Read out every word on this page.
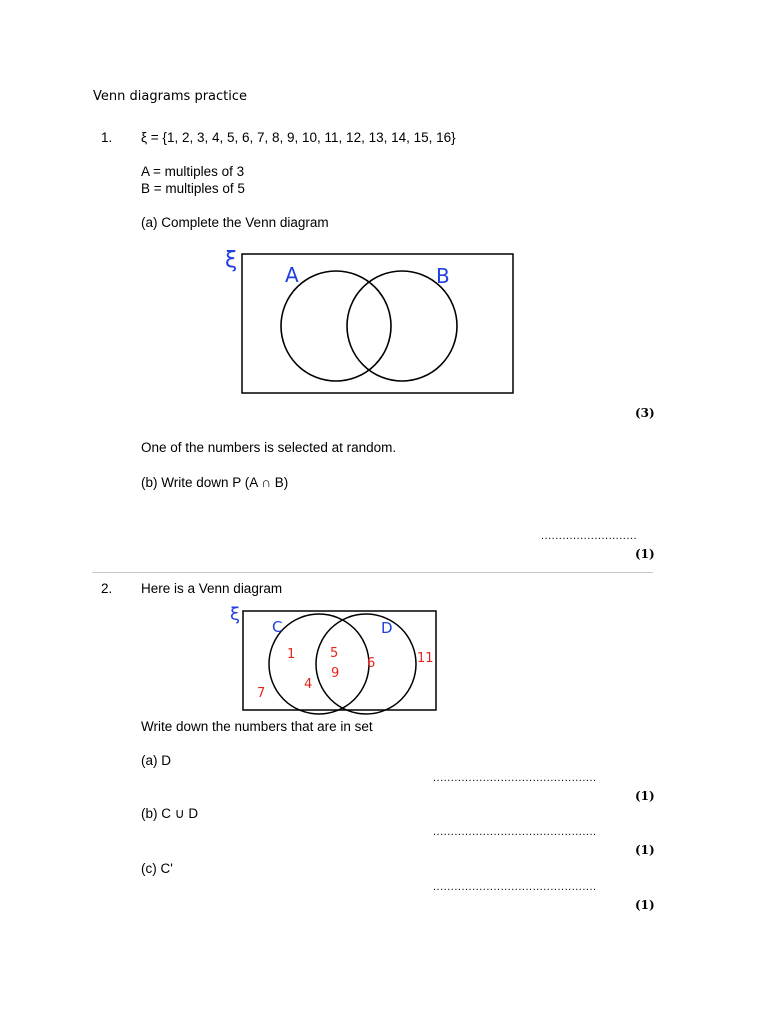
Venn diagrams practice
1. ξ = {1, 2, 3, 4, 5, 6, 7, 8, 9, 10, 11, 12, 13, 14, 15, 16}
A = multiples of 3
B = multiples of 5
(a) Complete the Venn diagram
ξ
A	B
(3)
One of the numbers is selected at random.
(b) Write down P (A ∩ B)
...........................
(1)
2. Here is a Venn diagram
ξ
C	D
1
4
5
9
6
7
11
Write down the numbers that are in set
(a) D
..............................................
(1)
(b) C ∪ D
..............................................
(1)
(c) C'
..............................................
(1)
